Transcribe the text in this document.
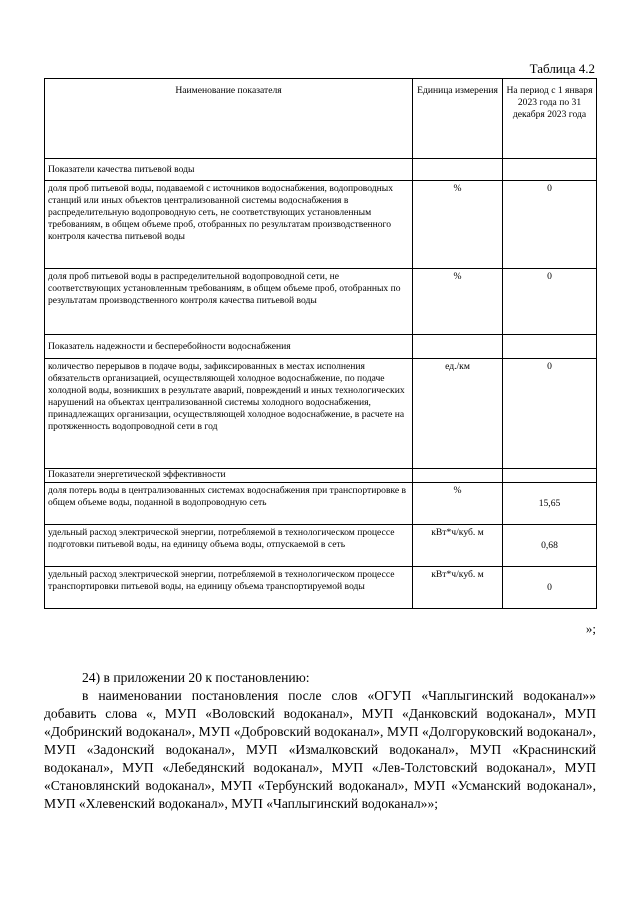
Таблица 4.2
Наименование показателя	Единица измерения	На период с 1 января 2023 года по 31 декабря 2023 года
Показатели качества питьевой воды		
доля проб питьевой воды, подаваемой с источников водоснабжения, водопроводных станций или иных объектов централизованной системы водоснабжения в распределительную водопроводную сеть, не соответствующих установленным требованиям, в общем объеме проб, отобранных по результатам производственного контроля качества питьевой воды	%	0
доля проб питьевой воды в распределительной водопроводной сети, не соответствующих установленным требованиям, в общем объеме проб, отобранных по результатам производственного контроля качества питьевой воды	%	0
Показатель надежности и бесперебойности водоснабжения		
количество перерывов в подаче воды, зафиксированных в местах исполнения обязательств организацией, осуществляющей холодное водоснабжение, по подаче холодной воды, возникших в результате аварий, повреждений и иных технологических нарушений на объектах централизованной системы холодного водоснабжения, принадлежащих организации, осуществляющей холодное водоснабжение, в расчете на протяженность водопроводной сети в год	ед./км	0
Показатели энергетической эффективности		
доля потерь воды в централизованных системах водоснабжения при транспортировке в общем объеме воды, поданной в водопроводную сеть	%	15,65
удельный расход электрической энергии, потребляемой в технологическом процессе подготовки питьевой воды, на единицу объема воды, отпускаемой в сеть	кВт*ч/куб. м	0,68
удельный расход электрической энергии, потребляемой в технологическом процессе транспортировки питьевой воды, на единицу объема транспортируемой воды	кВт*ч/куб. м	0
»;
24) в приложении 20 к постановлению:
в наименовании постановления после слов «ОГУП «Чаплыгинский водоканал»» добавить слова «, МУП «Воловский водоканал», МУП «Данковский водоканал», МУП «Добринский водоканал», МУП «Добровский водоканал», МУП «Долгоруковский водоканал», МУП «Задонский водоканал», МУП «Измалковский водоканал», МУП «Краснинский водоканал», МУП «Лебедянский водоканал», МУП «Лев-Толстовский водоканал», МУП «Становлянский водоканал», МУП «Тербунский водоканал», МУП «Усманский водоканал», МУП «Хлевенский водоканал», МУП «Чаплыгинский водоканал»»;
